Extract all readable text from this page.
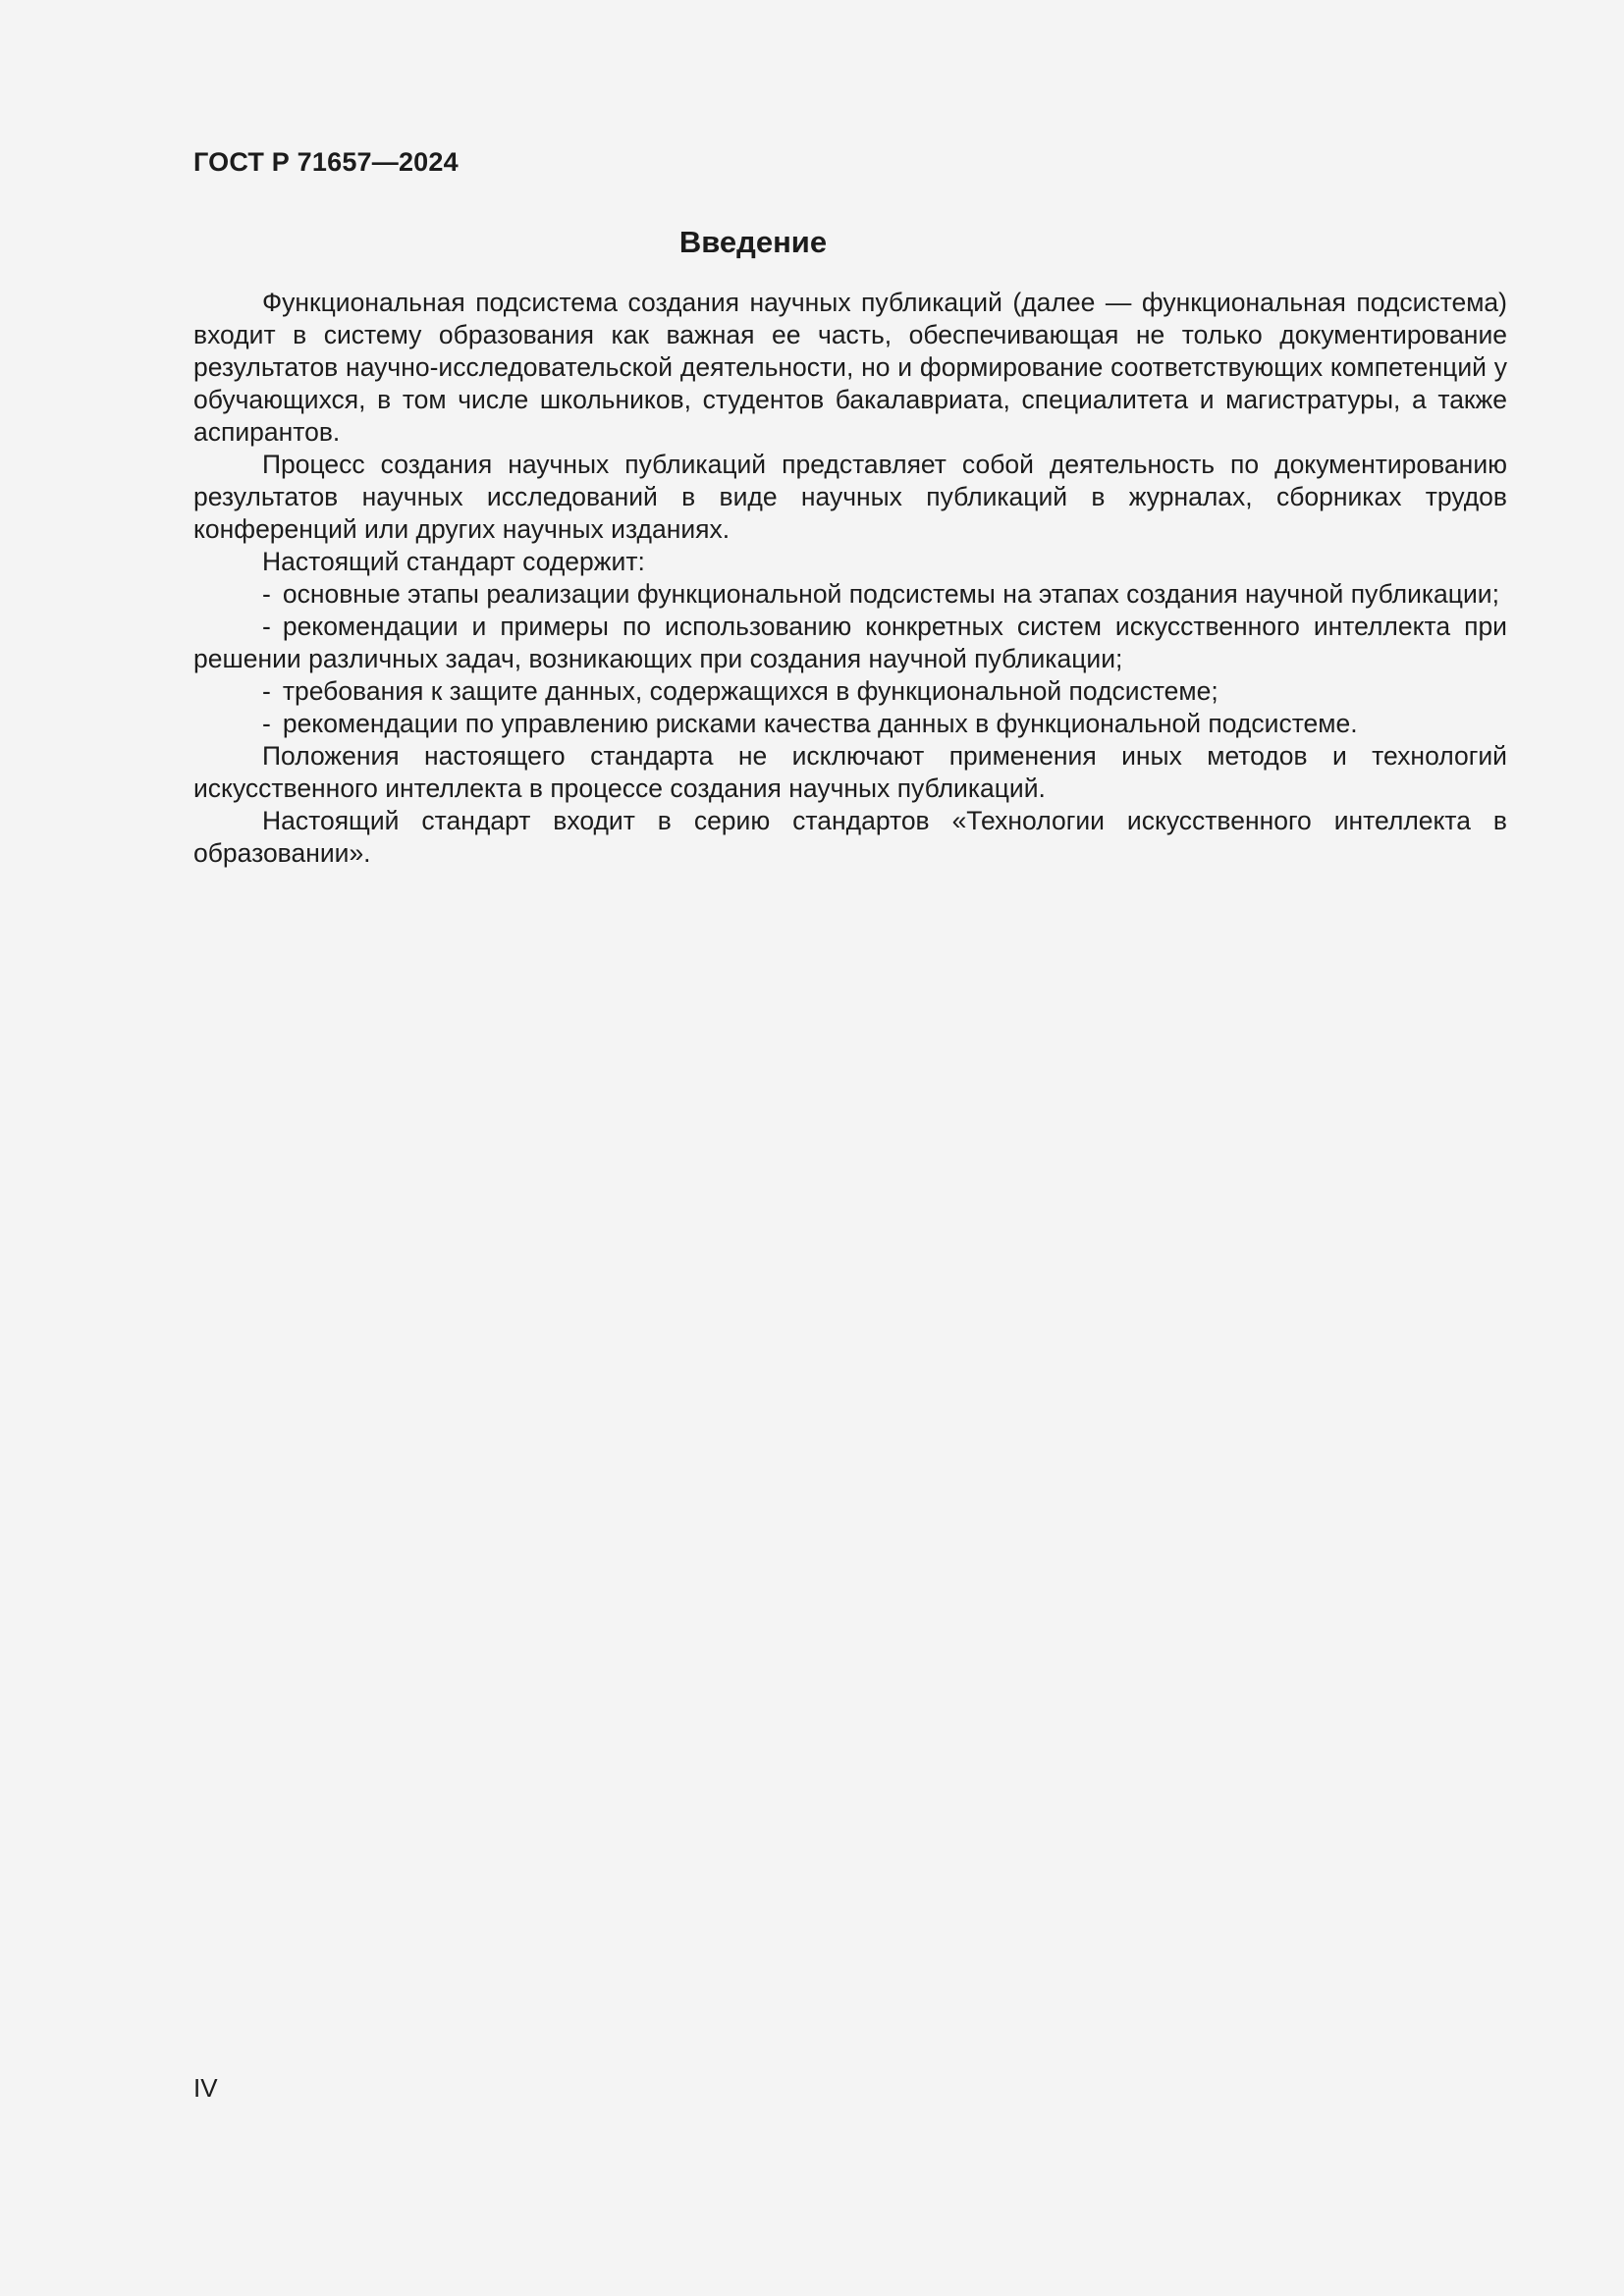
ГОСТ Р 71657—2024
Введение

Функциональная подсистема создания научных публикаций (далее — функциональная подсистема) входит в систему образования как важная ее часть, обеспечивающая не только документирование результатов научно-исследовательской деятельности, но и формирование соответствующих компетенций у обучающихся, в том числе школьников, студентов бакалавриата, специалитета и магистратуры, а также аспирантов.

Процесс создания научных публикаций представляет собой деятельность по документированию результатов научных исследований в виде научных публикаций в журналах, сборниках трудов конференций или других научных изданиях.

Настоящий стандарт содержит:

- основные этапы реализации функциональной подсистемы на этапах создания научной публикации;

- рекомендации и примеры по использованию конкретных систем искусственного интеллекта при решении различных задач, возникающих при создания научной публикации;

- требования к защите данных, содержащихся в функциональной подсистеме;

- рекомендации по управлению рисками качества данных в функциональной подсистеме.

Положения настоящего стандарта не исключают применения иных методов и технологий искусственного интеллекта в процессе создания научных публикаций.

Настоящий стандарт входит в серию стандартов «Технологии искусственного интеллекта в образовании».

IV
